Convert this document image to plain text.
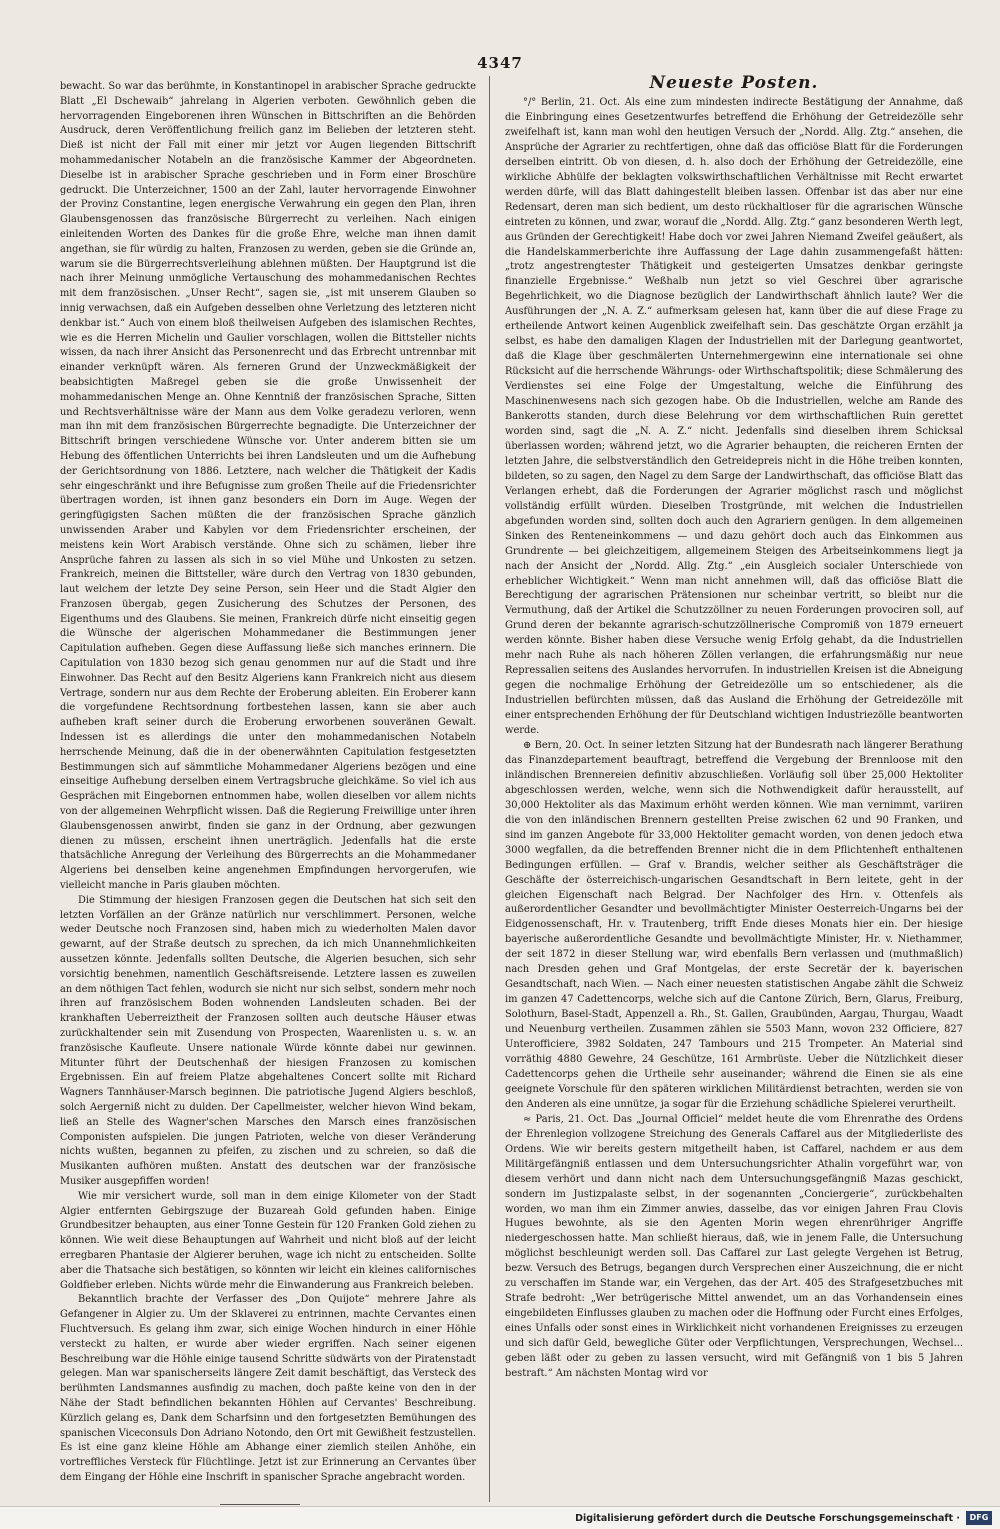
4347

bewacht. So war das berühmte, in Konstantinopel in arabischer Sprache gedruckte Blatt „El Dschewaib“ jahrelang in Algerien verboten. Gewöhnlich geben die hervorragenden Eingeborenen ihren Wünschen in Bittschriften an die Behörden Ausdruck, deren Veröffentlichung freilich ganz im Belieben der letzteren steht. Dieß ist nicht der Fall mit einer mir jetzt vor Augen liegenden Bittschrift mohammedanischer Notabeln an die französische Kammer der Abgeordneten. Dieselbe ist in arabischer Sprache geschrieben und in Form einer Broschüre gedruckt. Die Unterzeichner, 1500 an der Zahl, lauter hervorragende Einwohner der Provinz Constantine, legen energische Verwahrung ein gegen den Plan, ihren Glaubensgenossen das französische Bürgerrecht zu verleihen. Nach einigen einleitenden Worten des Dankes für die große Ehre, welche man ihnen damit angethan, sie für würdig zu halten, Franzosen zu werden, geben sie die Gründe an, warum sie die Bürgerrechtsverleihung ablehnen müßten. Der Hauptgrund ist die nach ihrer Meinung unmögliche Vertauschung des mohammedanischen Rechtes mit dem französischen. „Unser Recht“, sagen sie, „ist mit unserem Glauben so innig verwachsen, daß ein Aufgeben desselben ohne Verletzung des letzteren nicht denkbar ist.“ Auch von einem bloß theilweisen Aufgeben des islamischen Rechtes, wie es die Herren Michelin und Gaulier vorschlagen, wollen die Bittsteller nichts wissen, da nach ihrer Ansicht das Personenrecht und das Erbrecht untrennbar mit einander verknüpft wären. Als ferneren Grund der Unzweckmäßigkeit der beabsichtigten Maßregel geben sie die große Unwissenheit der mohammedanischen Menge an. Ohne Kenntniß der französischen Sprache, Sitten und Rechtsverhältnisse wäre der Mann aus dem Volke geradezu verloren, wenn man ihn mit dem französischen Bürgerrechte begnadigte. Die Unterzeichner der Bittschrift bringen verschiedene Wünsche vor. Unter anderem bitten sie um Hebung des öffentlichen Unterrichts bei ihren Landsleuten und um die Aufhebung der Gerichtsordnung von 1886. Letztere, nach welcher die Thätigkeit der Kadis sehr eingeschränkt und ihre Befugnisse zum großen Theile auf die Friedensrichter übertragen worden, ist ihnen ganz besonders ein Dorn im Auge. Wegen der geringfügigsten Sachen müßten die der französischen Sprache gänzlich unwissenden Araber und Kabylen vor dem Friedensrichter erscheinen, der meistens kein Wort Arabisch verstände. Ohne sich zu schämen, lieber ihre Ansprüche fahren zu lassen als sich in so viel Mühe und Unkosten zu setzen. Frankreich, meinen die Bittsteller, wäre durch den Vertrag von 1830 gebunden, laut welchem der letzte Dey seine Person, sein Heer und die Stadt Algier den Franzosen übergab, gegen Zusicherung des Schutzes der Personen, des Eigenthums und des Glaubens. Sie meinen, Frankreich dürfe nicht einseitig gegen die Wünsche der algerischen Mohammedaner die Bestimmungen jener Capitulation aufheben. Gegen diese Auffassung ließe sich manches erinnern. Die Capitulation von 1830 bezog sich genau genommen nur auf die Stadt und ihre Einwohner. Das Recht auf den Besitz Algeriens kann Frankreich nicht aus diesem Vertrage, sondern nur aus dem Rechte der Eroberung ableiten. Ein Eroberer kann die vorgefundene Rechtsordnung fortbestehen lassen, kann sie aber auch aufheben kraft seiner durch die Eroberung erworbenen souveränen Gewalt. Indessen ist es allerdings die unter den mohammedanischen Notabeln herrschende Meinung, daß die in der obenerwähnten Capitulation festgesetzten Bestimmungen sich auf sämmtliche Mohammedaner Algeriens bezögen und eine einseitige Aufhebung derselben einem Vertragsbruche gleichkäme. So viel ich aus Gesprächen mit Eingebornen entnommen habe, wollen dieselben vor allem nichts von der allgemeinen Wehrpflicht wissen. Daß die Regierung Freiwillige unter ihren Glaubensgenossen anwirbt, finden sie ganz in der Ordnung, aber gezwungen dienen zu müssen, erscheint ihnen unerträglich. Jedenfalls hat die erste thatsächliche Anregung der Verleihung des Bürgerrechts an die Mohammedaner Algeriens bei denselben keine angenehmen Empfindungen hervorgerufen, wie vielleicht manche in Paris glauben möchten.

Die Stimmung der hiesigen Franzosen gegen die Deutschen hat sich seit den letzten Vorfällen an der Gränze natürlich nur verschlimmert. Personen, welche weder Deutsche noch Franzosen sind, haben mich zu wiederholten Malen davor gewarnt, auf der Straße deutsch zu sprechen, da ich mich Unannehmlichkeiten aussetzen könnte. Jedenfalls sollten Deutsche, die Algerien besuchen, sich sehr vorsichtig benehmen, namentlich Geschäftsreisende. Letztere lassen es zuweilen an dem nöthigen Tact fehlen, wodurch sie nicht nur sich selbst, sondern mehr noch ihren auf französischem Boden wohnenden Landsleuten schaden. Bei der krankhaften Ueberreiztheit der Franzosen sollten auch deutsche Häuser etwas zurückhaltender sein mit Zusendung von Prospecten, Waarenlisten u. s. w. an französische Kaufleute. Unsere nationale Würde könnte dabei nur gewinnen. Mitunter führt der Deutschenhaß der hiesigen Franzosen zu komischen Ergebnissen. Ein auf freiem Platze abgehaltenes Concert sollte mit Richard Wagners Tannhäuser-Marsch beginnen. Die patriotische Jugend Algiers beschloß, solch Aergerniß nicht zu dulden. Der Capellmeister, welcher hievon Wind bekam, ließ an Stelle des Wagner'schen Marsches den Marsch eines französischen Componisten aufspielen. Die jungen Patrioten, welche von dieser Veränderung nichts wußten, begannen zu pfeifen, zu zischen und zu schreien, so daß die Musikanten aufhören mußten. Anstatt des deutschen war der französische Musiker ausgepfiffen worden!

Wie mir versichert wurde, soll man in dem einige Kilometer von der Stadt Algier entfernten Gebirgszuge der Buzareah Gold gefunden haben. Einige Grundbesitzer behaupten, aus einer Tonne Gestein für 120 Franken Gold ziehen zu können. Wie weit diese Behauptungen auf Wahrheit und nicht bloß auf der leicht erregbaren Phantasie der Algierer beruhen, wage ich nicht zu entscheiden. Sollte aber die Thatsache sich bestätigen, so könnten wir leicht ein kleines californisches Goldfieber erleben. Nichts würde mehr die Einwanderung aus Frankreich beleben.

Bekanntlich brachte der Verfasser des „Don Quijote“ mehrere Jahre als Gefangener in Algier zu. Um der Sklaverei zu entrinnen, machte Cervantes einen Fluchtversuch. Es gelang ihm zwar, sich einige Wochen hindurch in einer Höhle versteckt zu halten, er wurde aber wieder ergriffen. Nach seiner eigenen Beschreibung war die Höhle einige tausend Schritte südwärts von der Piratenstadt gelegen. Man war spanischerseits längere Zeit damit beschäftigt, das Versteck des berühmten Landsmannes ausfindig zu machen, doch paßte keine von den in der Nähe der Stadt befindlichen bekannten Höhlen auf Cervantes' Beschreibung. Kürzlich gelang es, Dank dem Scharfsinn und den fortgesetzten Bemühungen des spanischen Viceconsuls Don Adriano Notondo, den Ort mit Gewißheit festzustellen. Es ist eine ganz kleine Höhle am Abhange einer ziemlich steilen Anhöhe, ein vortreffliches Versteck für Flüchtlinge. Jetzt ist zur Erinnerung an Cervantes über dem Eingang der Höhle eine Inschrift in spanischer Sprache angebracht worden.

Neueste Posten.

°/° Berlin, 21. Oct. Als eine zum mindesten indirecte Bestätigung der Annahme, daß die Einbringung eines Gesetzentwurfes betreffend die Erhöhung der Getreidezölle sehr zweifelhaft ist, kann man wohl den heutigen Versuch der „Nordd. Allg. Ztg.“ ansehen, die Ansprüche der Agrarier zu rechtfertigen, ohne daß das officiöse Blatt für die Forderungen derselben eintritt. Ob von diesen, d. h. also doch der Erhöhung der Getreidezölle, eine wirkliche Abhülfe der beklagten volkswirthschaftlichen Verhältnisse mit Recht erwartet werden dürfe, will das Blatt dahingestellt bleiben lassen. Offenbar ist das aber nur eine Redensart, deren man sich bedient, um desto rückhaltloser für die agrarischen Wünsche eintreten zu können, und zwar, worauf die „Nordd. Allg. Ztg.“ ganz besonderen Werth legt, aus Gründen der Gerechtigkeit! Habe doch vor zwei Jahren Niemand Zweifel geäußert, als die Handelskammerberichte ihre Auffassung der Lage dahin zusammengefaßt hätten: „trotz angestrengtester Thätigkeit und gesteigerten Umsatzes denkbar geringste finanzielle Ergebnisse.“ Weßhalb nun jetzt so viel Geschrei über agrarische Begehrlichkeit, wo die Diagnose bezüglich der Landwirthschaft ähnlich laute? Wer die Ausführungen der „N. A. Z.“ aufmerksam gelesen hat, kann über die auf diese Frage zu ertheilende Antwort keinen Augenblick zweifelhaft sein. Das geschätzte Organ erzählt ja selbst, es habe den damaligen Klagen der Industriellen mit der Darlegung geantwortet, daß die Klage über geschmälerten Unternehmergewinn eine internationale sei ohne Rücksicht auf die herrschende Währungs- oder Wirthschaftspolitik; diese Schmälerung des Verdienstes sei eine Folge der Umgestaltung, welche die Einführung des Maschinenwesens nach sich gezogen habe. Ob die Industriellen, welche am Rande des Bankerotts standen, durch diese Belehrung vor dem wirthschaftlichen Ruin gerettet worden sind, sagt die „N. A. Z.“ nicht. Jedenfalls sind dieselben ihrem Schicksal überlassen worden; während jetzt, wo die Agrarier behaupten, die reicheren Ernten der letzten Jahre, die selbstverständlich den Getreidepreis nicht in die Höhe treiben konnten, bildeten, so zu sagen, den Nagel zu dem Sarge der Landwirthschaft, das officiöse Blatt das Verlangen erhebt, daß die Forderungen der Agrarier möglichst rasch und möglichst vollständig erfüllt würden. Dieselben Trostgründe, mit welchen die Industriellen abgefunden worden sind, sollten doch auch den Agrariern genügen. In dem allgemeinen Sinken des Renteneinkommens — und dazu gehört doch auch das Einkommen aus Grundrente — bei gleichzeitigem, allgemeinem Steigen des Arbeitseinkommens liegt ja nach der Ansicht der „Nordd. Allg. Ztg.“ „ein Ausgleich socialer Unterschiede von erheblicher Wichtigkeit.“ Wenn man nicht annehmen will, daß das officiöse Blatt die Berechtigung der agrarischen Prätensionen nur scheinbar vertritt, so bleibt nur die Vermuthung, daß der Artikel die Schutzzöllner zu neuen Forderungen provociren soll, auf Grund deren der bekannte agrarisch-schutzzöllnerische Compromiß von 1879 erneuert werden könnte. Bisher haben diese Versuche wenig Erfolg gehabt, da die Industriellen mehr nach Ruhe als nach höheren Zöllen verlangen, die erfahrungsmäßig nur neue Repressalien seitens des Auslandes hervorrufen. In industriellen Kreisen ist die Abneigung gegen die nochmalige Erhöhung der Getreidezölle um so entschiedener, als die Industriellen befürchten müssen, daß das Ausland die Erhöhung der Getreidezölle mit einer entsprechenden Erhöhung der für Deutschland wichtigen Industriezölle beantworten werde.

⊕ Bern, 20. Oct. In seiner letzten Sitzung hat der Bundesrath nach längerer Berathung das Finanzdepartement beauftragt, betreffend die Vergebung der Brennloose mit den inländischen Brennereien definitiv abzuschließen. Vorläufig soll über 25,000 Hektoliter abgeschlossen werden, welche, wenn sich die Nothwendigkeit dafür herausstellt, auf 30,000 Hektoliter als das Maximum erhöht werden können. Wie man vernimmt, variiren die von den inländischen Brennern gestellten Preise zwischen 62 und 90 Franken, und sind im ganzen Angebote für 33,000 Hektoliter gemacht worden, von denen jedoch etwa 3000 wegfallen, da die betreffenden Brenner nicht die in dem Pflichtenheft enthaltenen Bedingungen erfüllen. — Graf v. Brandis, welcher seither als Geschäftsträger die Geschäfte der österreichisch-ungarischen Gesandtschaft in Bern leitete, geht in der gleichen Eigenschaft nach Belgrad. Der Nachfolger des Hrn. v. Ottenfels als außerordentlicher Gesandter und bevollmächtigter Minister Oesterreich-Ungarns bei der Eidgenossenschaft, Hr. v. Trautenberg, trifft Ende dieses Monats hier ein. Der hiesige bayerische außerordentliche Gesandte und bevollmächtigte Minister, Hr. v. Niethammer, der seit 1872 in dieser Stellung war, wird ebenfalls Bern verlassen und (muthmaßlich) nach Dresden gehen und Graf Montgelas, der erste Secretär der k. bayerischen Gesandtschaft, nach Wien. — Nach einer neuesten statistischen Angabe zählt die Schweiz im ganzen 47 Cadettencorps, welche sich auf die Cantone Zürich, Bern, Glarus, Freiburg, Solothurn, Basel-Stadt, Appenzell a. Rh., St. Gallen, Graubünden, Aargau, Thurgau, Waadt und Neuenburg vertheilen. Zusammen zählen sie 5503 Mann, wovon 232 Officiere, 827 Unterofficiere, 3982 Soldaten, 247 Tambours und 215 Trompeter. An Material sind vorräthig 4880 Gewehre, 24 Geschütze, 161 Armbrüste. Ueber die Nützlichkeit dieser Cadettencorps gehen die Urtheile sehr auseinander; während die Einen sie als eine geeignete Vorschule für den späteren wirklichen Militärdienst betrachten, werden sie von den Anderen als eine unnütze, ja sogar für die Erziehung schädliche Spielerei verurtheilt.

≈ Paris, 21. Oct. Das „Journal Officiel“ meldet heute die vom Ehrenrathe des Ordens der Ehrenlegion vollzogene Streichung des Generals Caffarel aus der Mitgliederliste des Ordens. Wie wir bereits gestern mitgetheilt haben, ist Caffarel, nachdem er aus dem Militärgefängniß entlassen und dem Untersuchungsrichter Athalin vorgeführt war, von diesem verhört und dann nicht nach dem Untersuchungsgefängniß Mazas geschickt, sondern im Justizpalaste selbst, in der sogenannten „Conciergerie“, zurückbehalten worden, wo man ihm ein Zimmer anwies, dasselbe, das vor einigen Jahren Frau Clovis Hugues bewohnte, als sie den Agenten Morin wegen ehrenrühriger Angriffe niedergeschossen hatte. Man schließt hieraus, daß, wie in jenem Falle, die Untersuchung möglichst beschleunigt werden soll. Das Caffarel zur Last gelegte Vergehen ist Betrug, bezw. Versuch des Betrugs, begangen durch Versprechen einer Auszeichnung, die er nicht zu verschaffen im Stande war, ein Vergehen, das der Art. 405 des Strafgesetzbuches mit Strafe bedroht: „Wer betrügerische Mittel anwendet, um an das Vorhandensein eines eingebildeten Einflusses glauben zu machen oder die Hoffnung oder Furcht eines Erfolges, eines Unfalls oder sonst eines in Wirklichkeit nicht vorhandenen Ereignisses zu erzeugen und sich dafür Geld, bewegliche Güter oder Verpflichtungen, Versprechungen, Wechsel... geben läßt oder zu geben zu lassen versucht, wird mit Gefängniß von 1 bis 5 Jahren bestraft.“ Am nächsten Montag wird vor

Digitalisierung gefördert durch die Deutsche Forschungsgemeinschaft ·	DFG
